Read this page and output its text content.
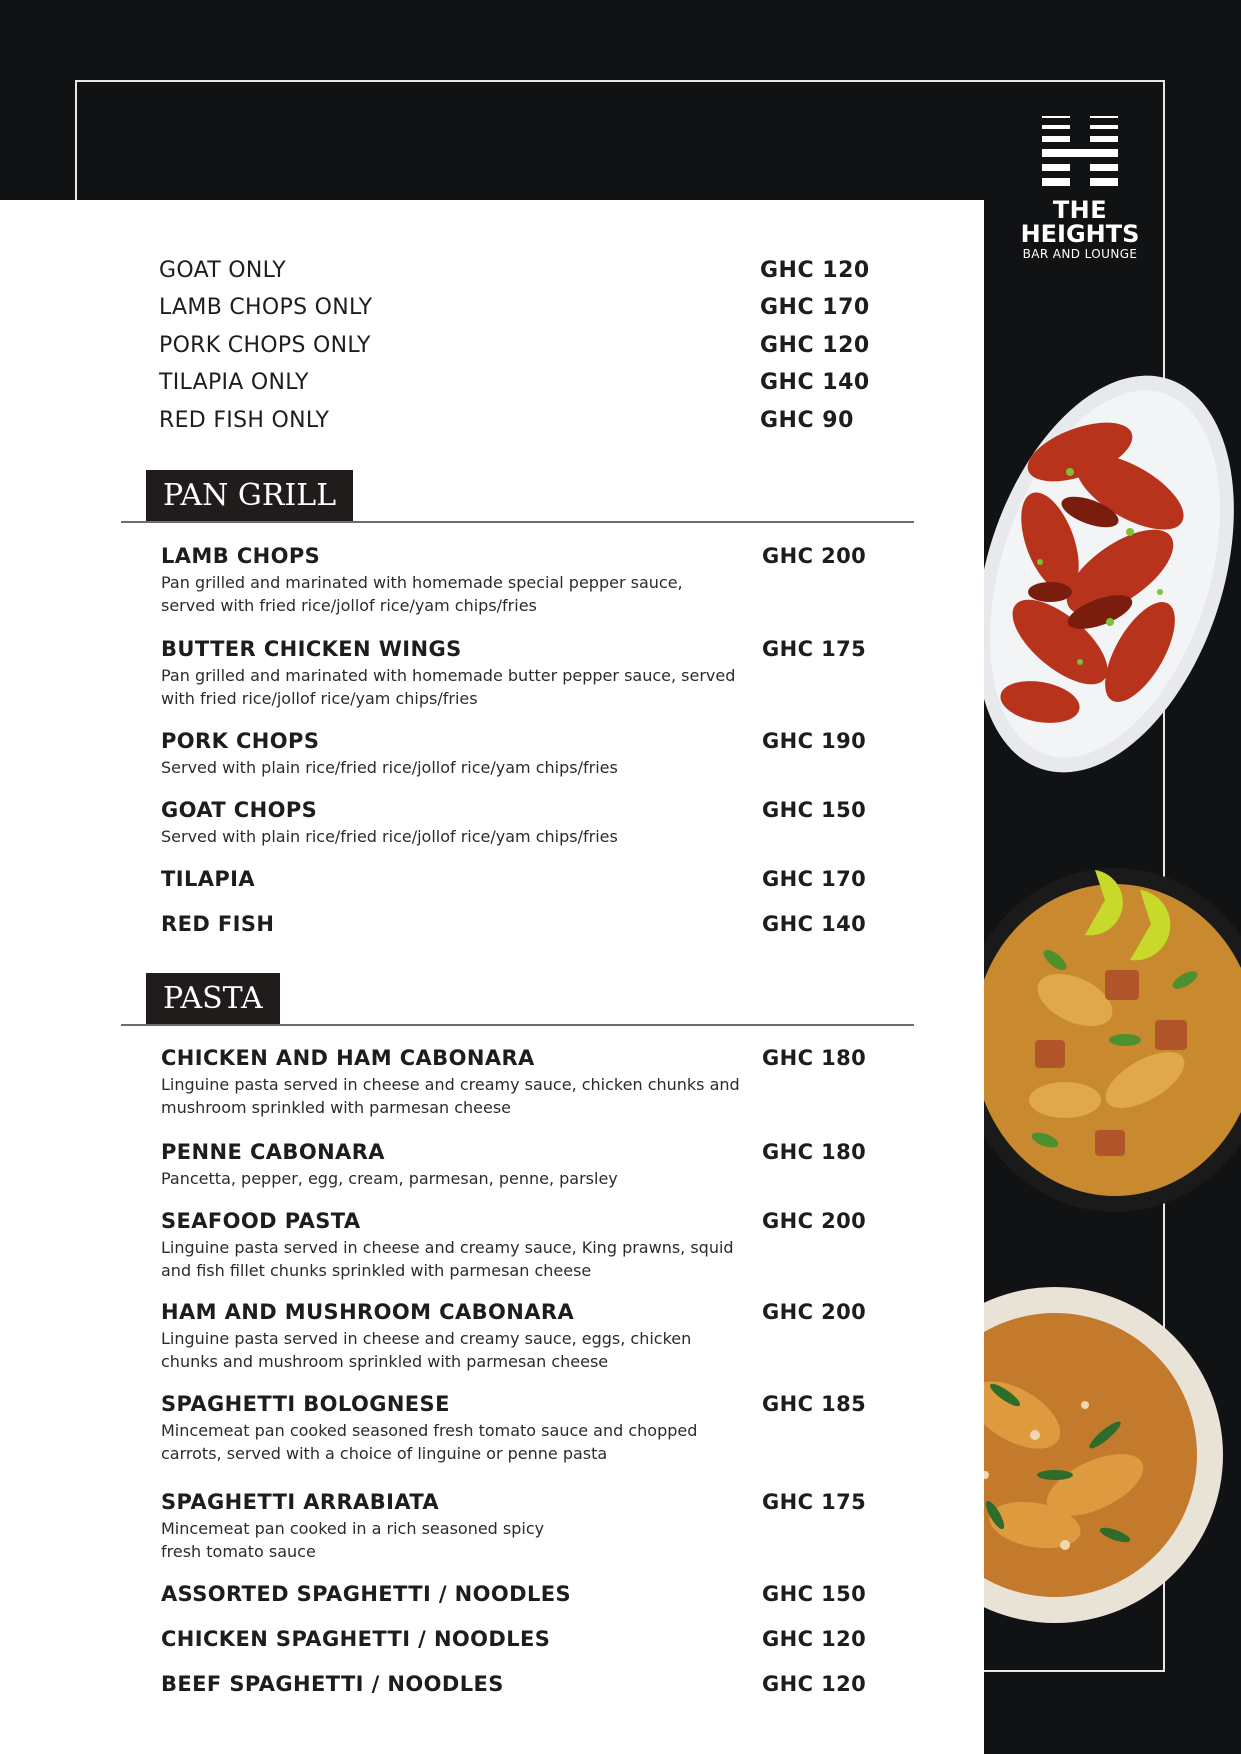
THE
HEIGHTS
BAR AND LOUNGE
GOAT ONLY	GHC 120
LAMB CHOPS ONLY	GHC 170
PORK CHOPS ONLY	GHC 120
TILAPIA ONLY	GHC 140
RED FISH ONLY	GHC 90
PAN GRILL
LAMB CHOPS	GHC 200
Pan grilled and marinated with homemade special pepper sauce, served with fried rice/jollof rice/yam chips/fries
BUTTER CHICKEN WINGS	GHC 175
Pan grilled and marinated with homemade butter pepper sauce, served with fried rice/jollof rice/yam chips/fries
PORK CHOPS	GHC 190
Served with plain rice/fried rice/jollof rice/yam chips/fries
GOAT CHOPS	GHC 150
Served with plain rice/fried rice/jollof rice/yam chips/fries
TILAPIA	GHC 170
RED FISH	GHC 140
PASTA
CHICKEN AND HAM CABONARA	GHC 180
Linguine pasta served in cheese and creamy sauce, chicken chunks and mushroom sprinkled with parmesan cheese
PENNE CABONARA	GHC 180
Pancetta, pepper, egg, cream, parmesan, penne, parsley
SEAFOOD PASTA	GHC 200
Linguine pasta served in cheese and creamy sauce, King prawns, squid and fish fillet chunks sprinkled with parmesan cheese
HAM AND MUSHROOM CABONARA	GHC 200
Linguine pasta served in cheese and creamy sauce, eggs, chicken chunks and mushroom sprinkled with parmesan cheese
SPAGHETTI BOLOGNESE	GHC 185
Mincemeat pan cooked seasoned fresh tomato sauce and chopped carrots, served with a choice of linguine or penne pasta
SPAGHETTI ARRABIATA	GHC 175
Mincemeat pan cooked in a rich seasoned spicy fresh tomato sauce
ASSORTED SPAGHETTI / NOODLES	GHC 150
CHICKEN SPAGHETTI / NOODLES	GHC 120
BEEF SPAGHETTI / NOODLES	GHC 120
